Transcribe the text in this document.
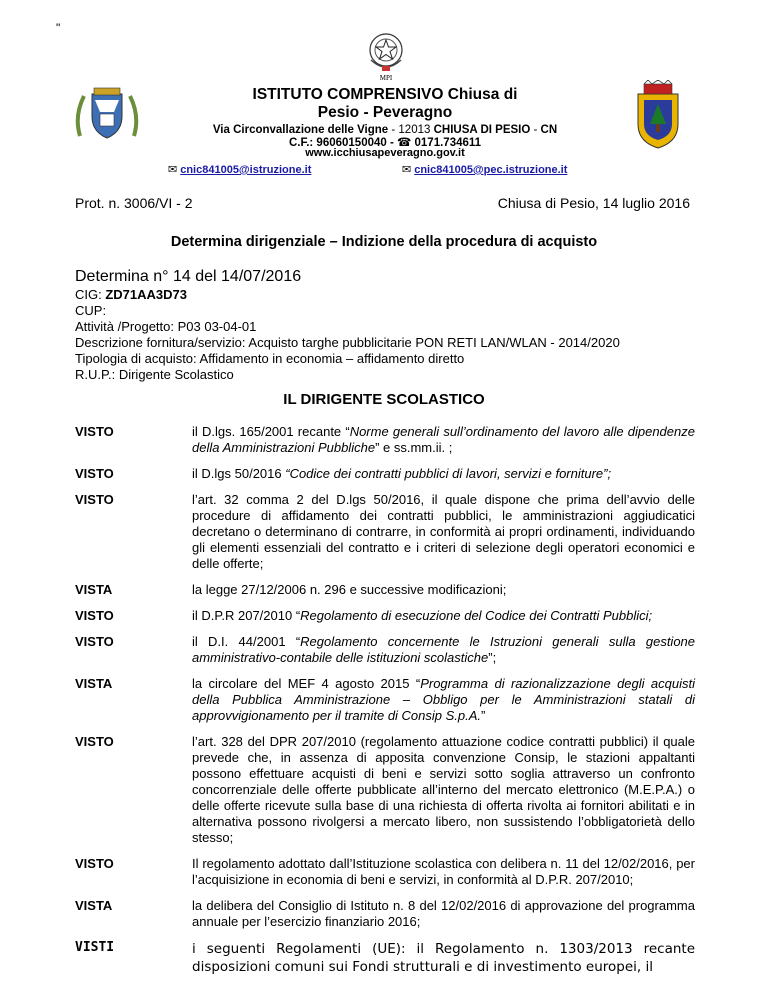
"
MPI
ISTITUTO COMPRENSIVO Chiusa di
Pesio - Peveragno
Via Circonvallazione delle Vigne - 12013 CHIUSA DI PESIO - CN
C.F.: 96060150040 - ☎ 0171.734611
www.icchiusapeveragno.gov.it
✉ cnic841005@istruzione.it	✉ cnic841005@pec.istruzione.it
Prot. n. 3006/VI - 2	Chiusa di Pesio, 14 luglio 2016
Determina dirigenziale – Indizione della procedura di acquisto
Determina n° 14 del 14/07/2016
CIG: ZD71AA3D73
CUP:
Attività /Progetto: P03 03-04-01
Descrizione fornitura/servizio: Acquisto targhe pubblicitarie PON RETI LAN/WLAN - 2014/2020
Tipologia di acquisto: Affidamento in economia – affidamento diretto
R.U.P.: Dirigente Scolastico
IL DIRIGENTE SCOLASTICO
VISTO	il D.lgs. 165/2001 recante “Norme generali sull’ordinamento del lavoro alle dipendenze della Amministrazioni Pubbliche” e ss.mm.ii. ;
VISTO	il D.lgs 50/2016 “Codice dei contratti pubblici di lavori, servizi e forniture”;
VISTO	l’art. 32 comma 2 del D.lgs 50/2016, il quale dispone che prima dell’avvio delle procedure di affidamento dei contratti pubblici, le amministrazioni aggiudicatici decretano o determinano di contrarre, in conformità ai propri ordinamenti, individuando gli elementi essenziali del contratto e i criteri di selezione degli operatori economici e delle offerte;
VISTA	la legge 27/12/2006 n. 296 e successive modificazioni;
VISTO	il D.P.R 207/2010 “Regolamento di esecuzione del Codice dei Contratti Pubblici;
VISTO	il D.I. 44/2001 “Regolamento concernente le Istruzioni generali sulla gestione amministrativo-contabile delle istituzioni scolastiche”;
VISTA	la circolare del MEF 4 agosto 2015 “Programma di razionalizzazione degli acquisti della Pubblica Amministrazione – Obbligo per le Amministrazioni statali di approvvigionamento per il tramite di Consip S.p.A.”
VISTO	l’art. 328 del DPR 207/2010 (regolamento attuazione codice contratti pubblici) il quale prevede che, in assenza di apposita convenzione Consip, le stazioni appaltanti possono effettuare acquisti di beni e servizi sotto soglia attraverso un confronto concorrenziale delle offerte pubblicate all’interno del mercato elettronico (M.E.P.A.) o delle offerte ricevute sulla base di una richiesta di offerta rivolta ai fornitori abilitati e in alternativa possono rivolgersi a mercato libero, non sussistendo l’obbligatorietà dello stesso;
VISTO	Il regolamento adottato dall’Istituzione scolastica con delibera n. 11 del 12/02/2016, per l’acquisizione in economia di beni e servizi, in conformità al D.P.R. 207/2010;
VISTA	la delibera del Consiglio di Istituto n. 8 del 12/02/2016 di approvazione del programma annuale per l’esercizio finanziario 2016;
VISTI	i seguenti Regolamenti (UE): il Regolamento n. 1303/2013 recante disposizioni comuni sui Fondi strutturali e di investimento europei, il
